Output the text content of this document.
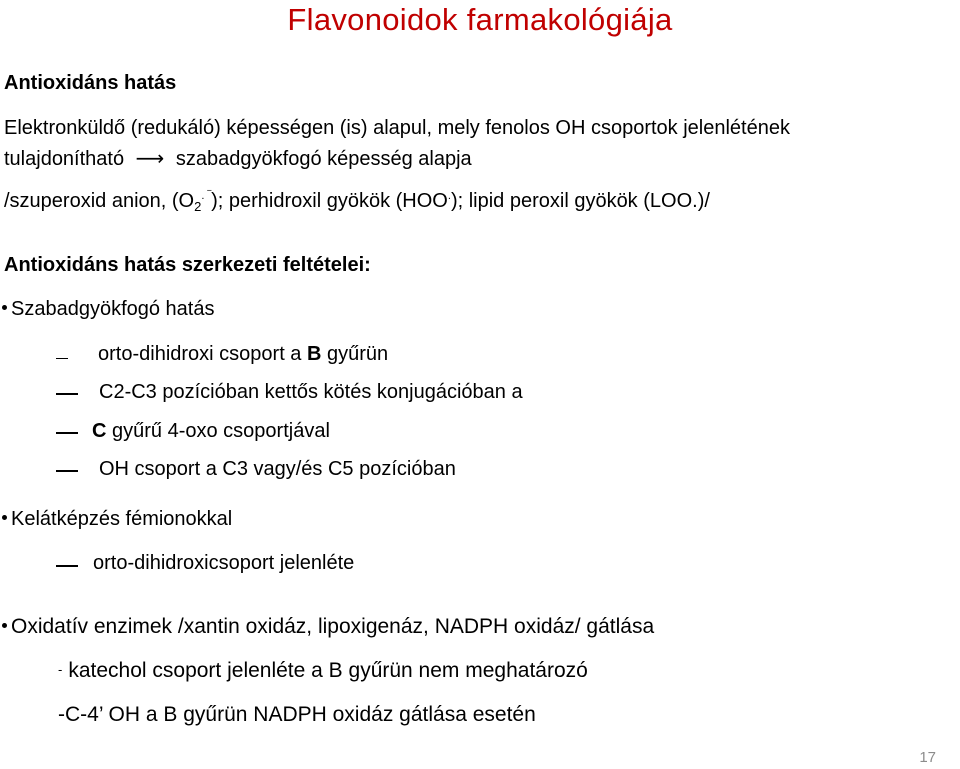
Flavonoidok farmakológiája
Antioxidáns hatás
Elektronküldő (redukáló) képességen (is) alapul, mely fenolos OH csoportok jelenlétének
tulajdonítható ⟶ szabadgyökfogó képesség alapja
/szuperoxid anion, $(O_2^{. ‾})$; perhidroxil gyökök (HOO.); lipid peroxil gyökök (LOO.)/
Antioxidáns hatás szerkezeti feltételei:
Szabadgyökfogó hatás
orto-dihidroxi csoport a B gyűrün
C2-C3 pozícióban kettős kötés konjugációban a
C gyűrű 4-oxo csoportjával
OH csoport a C3 vagy/és C5 pozícióban
Kelátképzés fémionokkal
orto-dihidroxicsoport jelenléte
Oxidatív enzimek /xantin oxidáz, lipoxigenáz, NADPH oxidáz/ gátlása
- katechol csoport jelenléte a B gyűrün nem meghatározó
-C-4’ OH a B gyűrün NADPH oxidáz gátlása esetén
17
